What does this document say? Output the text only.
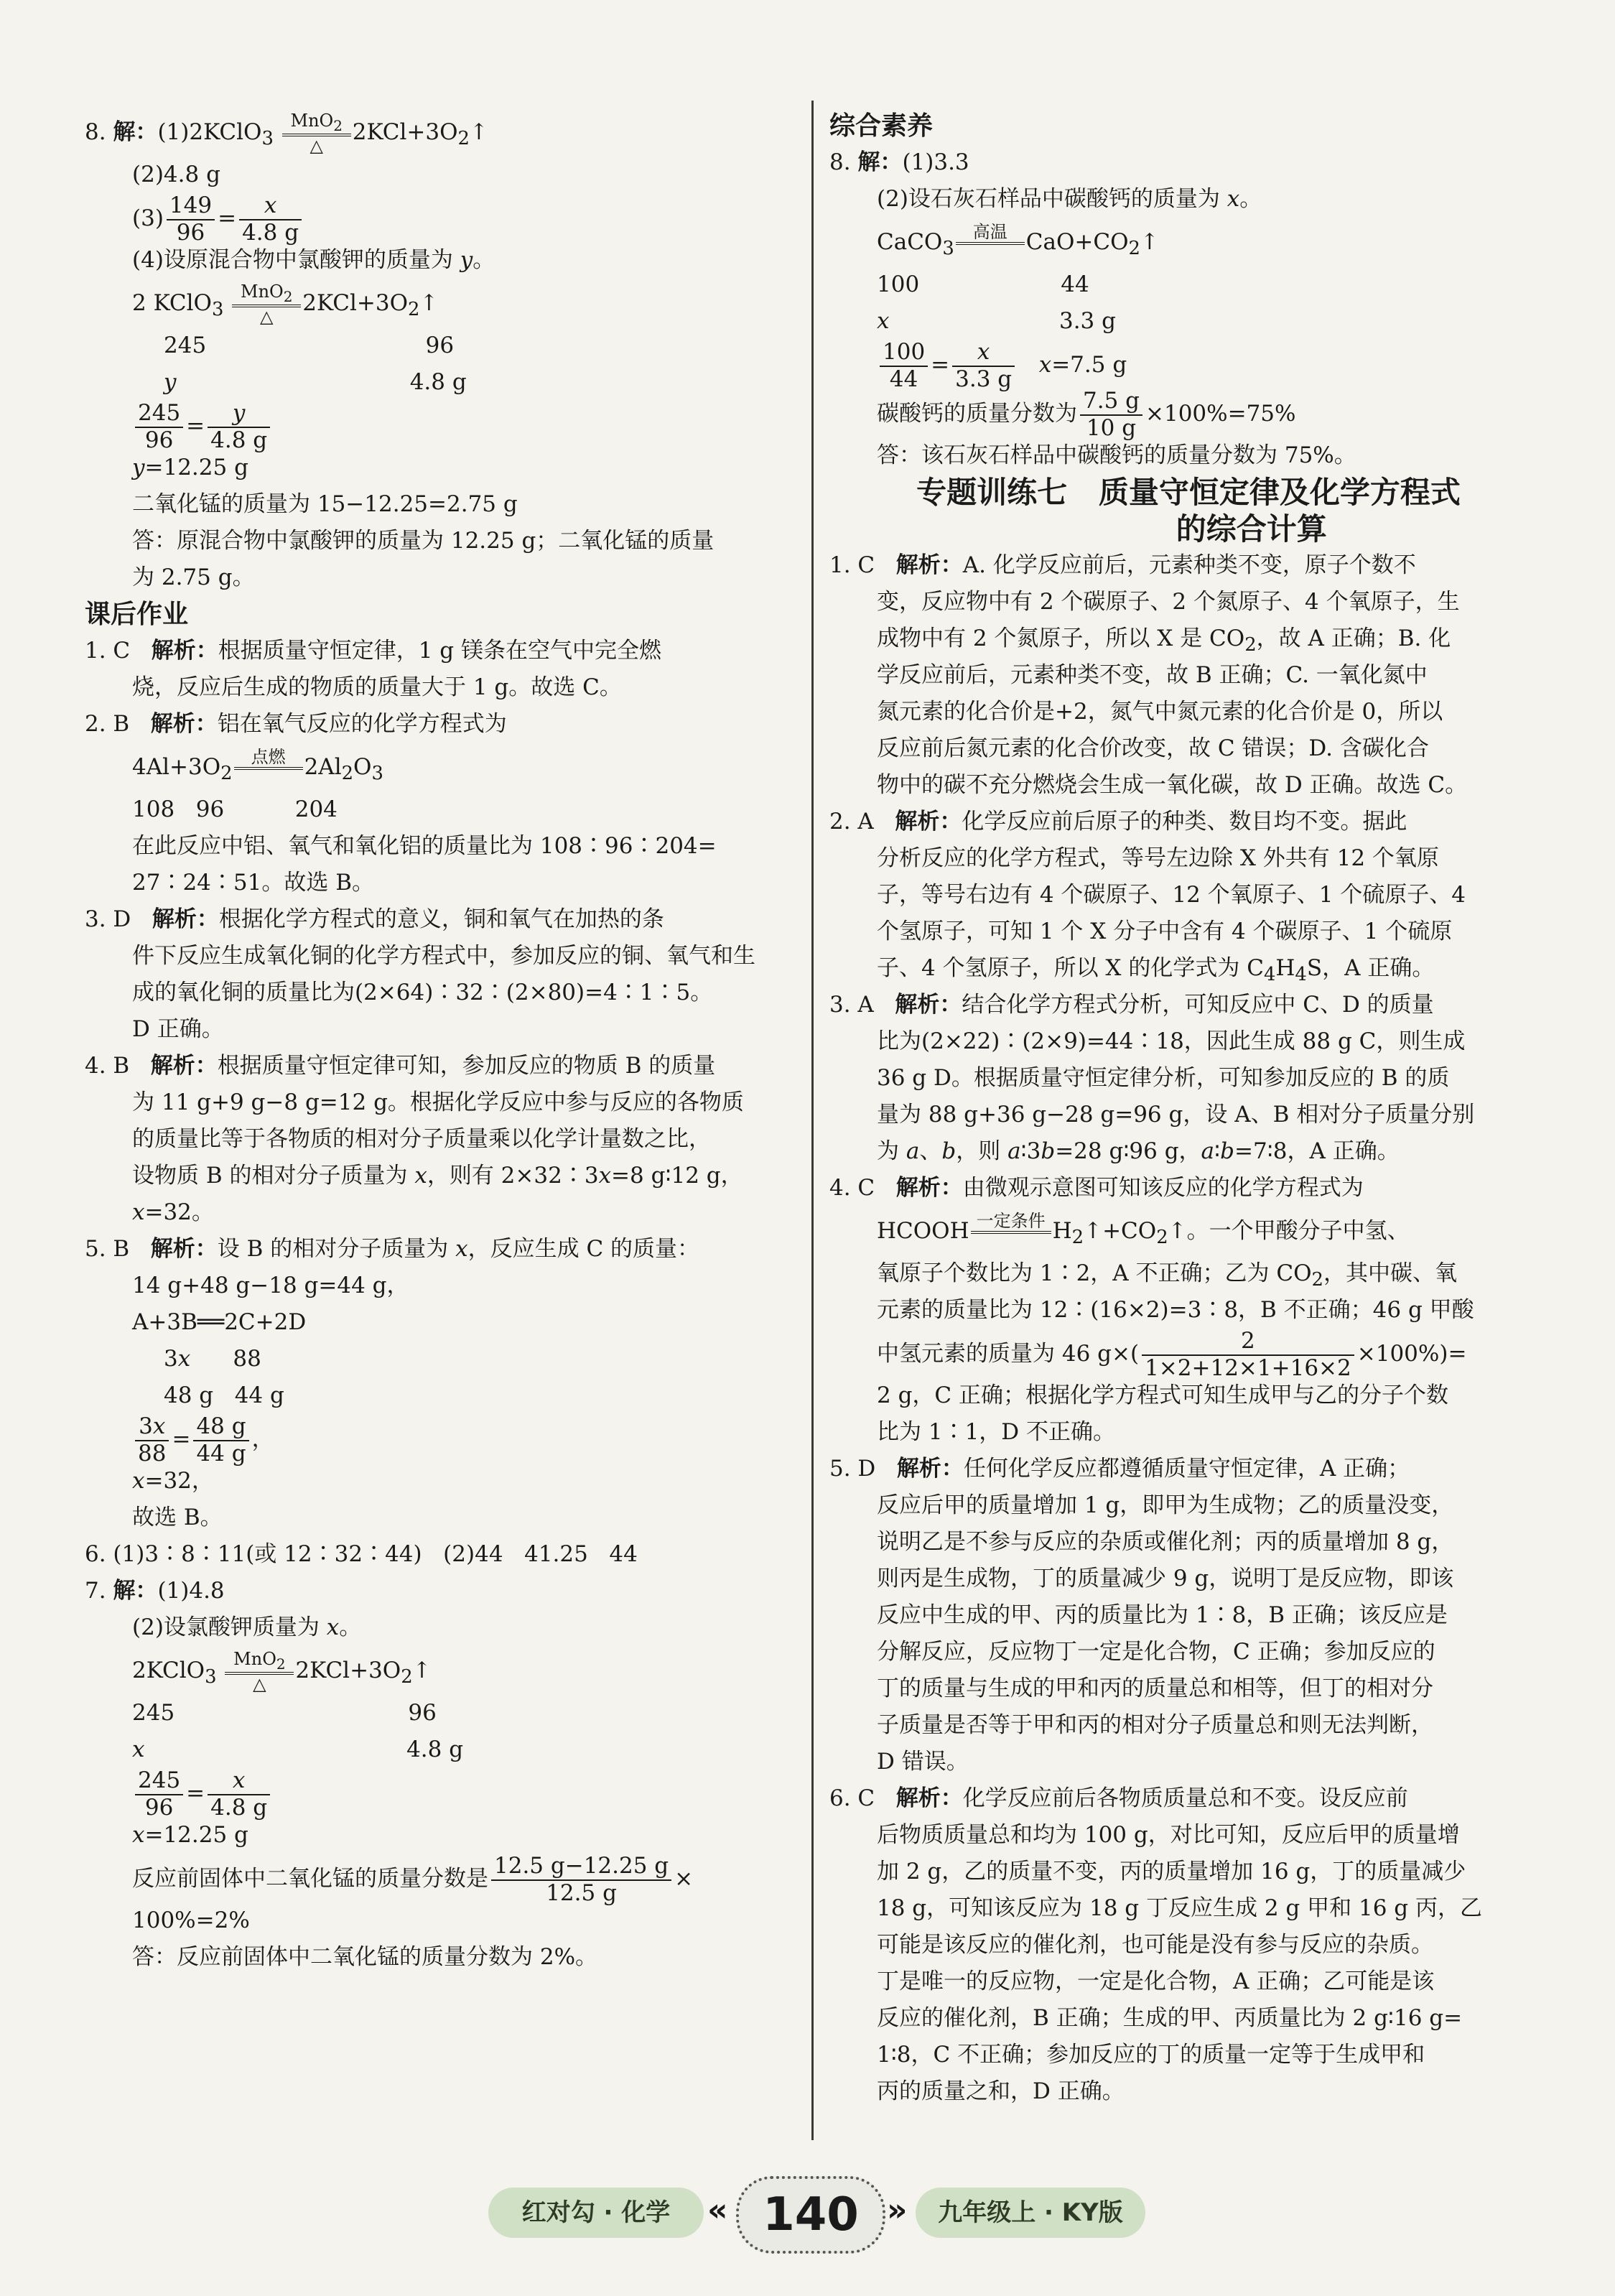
8. 解：(1)2KClO$_3$
MnO$_2$
△
$2KCl+3O_2↑$
(2)4.8 g
$(3) \frac{149}{96} = \frac{x}{4.8 g}$
(4)设原混合物中氯酸钾的质量为 y。
2 KClO$_3$
MnO$_2$
△
$2KCl+3O_2↑$
245                               96
y                                 4.8 g
$\frac{245}{96} = \frac{y}{4.8 g}$
y=12.25 g
二氧化锰的质量为 15−12.25=2.75 g
答：原混合物中氯酸钾的质量为 12.25 g；二氧化锰的质量
为 2.75 g。
课后作业
1. C   解析：根据质量守恒定律，1 g 镁条在空气中完全燃
烧，反应后生成的物质的质量大于 1 g。故选 C。
2. B   解析：铝在氧气反应的化学方程式为
$4Al+3O_2$
点燃
$2Al_2O_3$
108   96          204
在此反应中铝、氧气和氧化铝的质量比为 108∶96∶204=
27∶24∶51。故选 B。
3. D   解析：根据化学方程式的意义，铜和氧气在加热的条
件下反应生成氧化铜的化学方程式中，参加反应的铜、氧气和生
成的氧化铜的质量比为(2×64)∶32∶(2×80)=4∶1∶5。
D 正确。
4. B   解析：根据质量守恒定律可知，参加反应的物质 B 的质量
为 11 g+9 g−8 g=12 g。根据化学反应中参与反应的各物质
的质量比等于各物质的相对分子质量乘以化学计量数之比，
设物质 B 的相对分子质量为 x，则有 2×32∶3x=8 g∶12 g，
x=32。
5. B   解析：设 B 的相对分子质量为 x，反应生成 C 的质量：
14 g+48 g−18 g=44 g，
A+3B══2C+2D
3x      88
48 g   44 g
$\frac{3x}{88} = \frac{48 g}{44 g}$ ，
x=32，
故选 B。
6. (1)3∶8∶11(或 12∶32∶44)   (2)44   41.25   44
7. 解：(1)4.8
(2)设氯酸钾质量为 x。
2KClO$_3$
MnO$_2$
△
$2KCl+3O_2↑$
245                                 96
x                                     4.8 g
$\frac{245}{96} = \frac{x}{4.8 g}$
x=12.25 g
反应前固体中二氧化锰的质量分数是 $\frac{12.5 g-12.25 g}{12.5 g}$ ×
100%=2%
答：反应前固体中二氧化锰的质量分数为 2%。
综合素养
8. 解：(1)3.3
(2)设石灰石样品中碳酸钙的质量为 x。
CaCO$_3$
高温
$CaO+CO_2↑$
100                    44
x                        3.3 g
$\frac{100}{44} = \frac{x}{3.3 g} x=7.5$ g
碳酸钙的质量分数为 $\frac{7.5 g}{10 g} \times 100\%=75\%$
答：该石灰石样品中碳酸钙的质量分数为 75%。
专题训练七   质量守恒定律及化学方程式
的综合计算
1. C   解析：A. 化学反应前后，元素种类不变，原子个数不
变，反应物中有 2 个碳原子、2 个氮原子、4 个氧原子，生
成物中有 2 个氮原子，所以 X 是 $CO_2$，故 A 正确；B. 化
学反应前后，元素种类不变，故 B 正确；C. 一氧化氮中
氮元素的化合价是+2，氮气中氮元素的化合价是 0，所以
反应前后氮元素的化合价改变，故 C 错误；D. 含碳化合
物中的碳不充分燃烧会生成一氧化碳，故 D 正确。故选 C。
2. A   解析：化学反应前后原子的种类、数目均不变。据此
分析反应的化学方程式，等号左边除 X 外共有 12 个氧原
子，等号右边有 4 个碳原子、12 个氧原子、1 个硫原子、4
个氢原子，可知 1 个 X 分子中含有 4 个碳原子、1 个硫原
子、4 个氢原子，所以 X 的化学式为 $C_4H_4S$，A 正确。
3. A   解析：结合化学方程式分析，可知反应中 C、D 的质量
比为(2×22)∶(2×9)=44∶18，因此生成 88 g C，则生成
36 g D。根据质量守恒定律分析，可知参加反应的 B 的质
量为 88 g+36 g−28 g=96 g，设 A、B 相对分子质量分别
为 a、b，则 a∶3b=28 g∶96 g，a∶b=7∶8，A 正确。
4. C   解析：由微观示意图可知该反应的化学方程式为
HCOOH 一定条件
$H_2↑+CO_2↑$。一个甲酸分子中氢、
氧原子个数比为 1∶2，A 不正确；乙为 $CO_2$，其中碳、氧
元素的质量比为 12∶(16×2)=3∶8，B 不正确；46 g 甲酸
中氢元素的质量为 46 $g\times( \frac{2}{1\times 2+12\times 1+16\times 2} \times 100\%)=$
2 g，C 正确；根据化学方程式可知生成甲与乙的分子个数
比为 1∶1，D 不正确。
5. D   解析：任何化学反应都遵循质量守恒定律，A 正确；
反应后甲的质量增加 1 g，即甲为生成物；乙的质量没变，
说明乙是不参与反应的杂质或催化剂；丙的质量增加 8 g，
则丙是生成物，丁的质量减少 9 g，说明丁是反应物，即该
反应中生成的甲、丙的质量比为 1∶8，B 正确；该反应是
分解反应，反应物丁一定是化合物，C 正确；参加反应的
丁的质量与生成的甲和丙的质量总和相等，但丁的相对分
子质量是否等于甲和丙的相对分子质量总和则无法判断，
D 错误。
6. C   解析：化学反应前后各物质质量总和不变。设反应前
后物质质量总和均为 100 g，对比可知，反应后甲的质量增
加 2 g，乙的质量不变，丙的质量增加 16 g，丁的质量减少
18 g，可知该反应为 18 g 丁反应生成 2 g 甲和 16 g 丙，乙
可能是该反应的催化剂，也可能是没有参与反应的杂质。
丁是唯一的反应物，一定是化合物，A 正确；乙可能是该
反应的催化剂，B 正确；生成的甲、丙质量比为 2 g∶16 g=
1∶8，C 不正确；参加反应的丁的质量一定等于生成甲和
丙的质量之和，D 正确。
红对勾 · 化学	« 140 »	九年级上 · KY版
